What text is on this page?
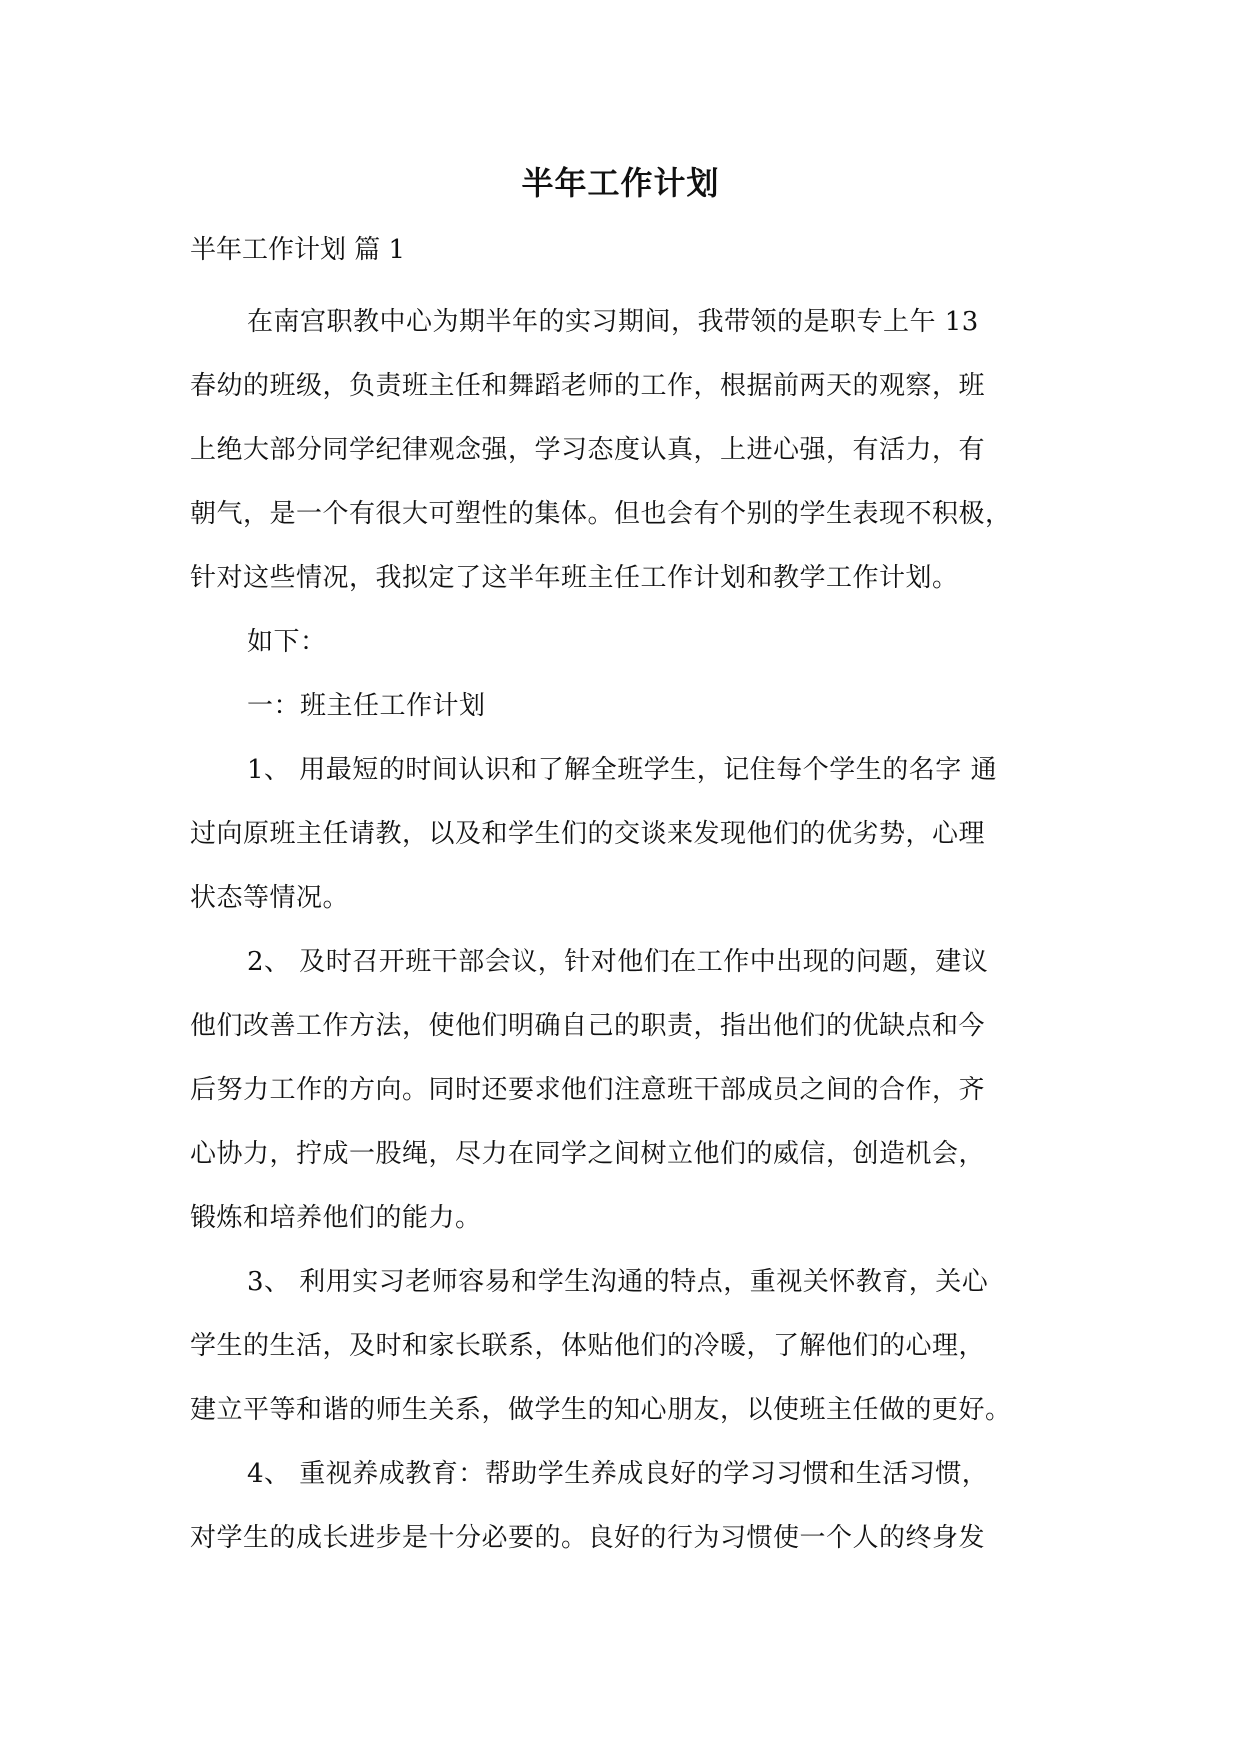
半年工作计划
半年工作计划 篇 1
在南宫职教中心为期半年的实习期间，我带领的是职专上午 13
春幼的班级，负责班主任和舞蹈老师的工作，根据前两天的观察，班
上绝大部分同学纪律观念强，学习态度认真，上进心强，有活力，有
朝气，是一个有很大可塑性的集体。但也会有个别的学生表现不积极，
针对这些情况，我拟定了这半年班主任工作计划和教学工作计划。
如下：
一：班主任工作计划
1、 用最短的时间认识和了解全班学生，记住每个学生的名字 通
过向原班主任请教，以及和学生们的交谈来发现他们的优劣势，心理
状态等情况。
2、 及时召开班干部会议，针对他们在工作中出现的问题，建议
他们改善工作方法，使他们明确自己的职责，指出他们的优缺点和今
后努力工作的方向。同时还要求他们注意班干部成员之间的合作，齐
心协力，拧成一股绳，尽力在同学之间树立他们的威信，创造机会，
锻炼和培养他们的能力。
3、 利用实习老师容易和学生沟通的特点，重视关怀教育，关心
学生的生活，及时和家长联系，体贴他们的冷暖，了解他们的心理，
建立平等和谐的师生关系，做学生的知心朋友，以使班主任做的更好。
4、 重视养成教育：帮助学生养成良好的学习习惯和生活习惯，
对学生的成长进步是十分必要的。良好的行为习惯使一个人的终身发
